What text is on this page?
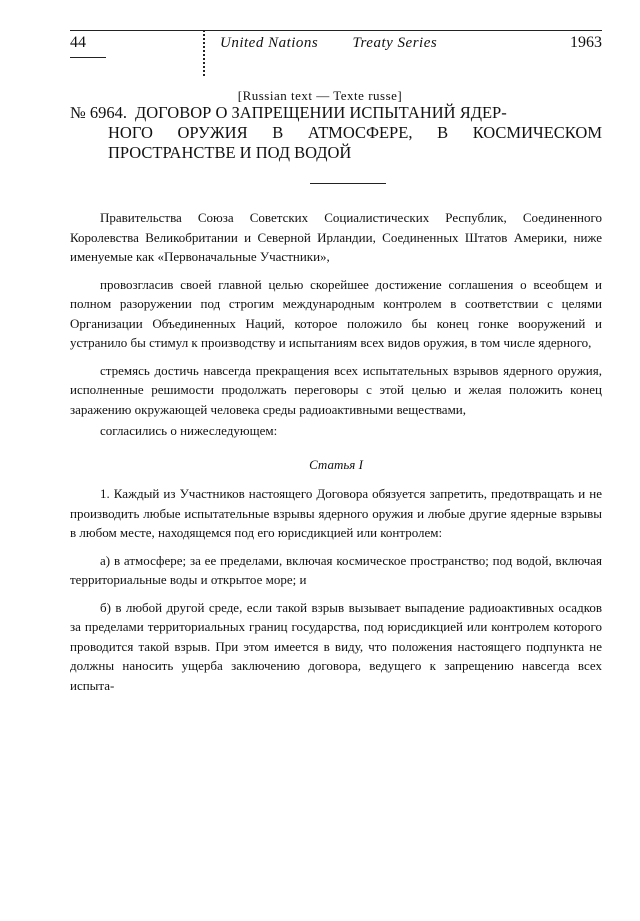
44	United Nations Treaty Series	1963
[Russian text — Texte russe]
№ 6964. ДОГОВОР О ЗАПРЕЩЕНИИ ИСПЫТАНИЙ ЯДЕР-
НОГО ОРУЖИЯ В АТМОСФЕРЕ, В КОСМИЧЕСКОМ ПРОСТРАНСТВЕ И ПОД ВОДОЙ

Правительства Союза Советских Социалистических Республик, Соединенного Королевства Великобритании и Северной Ирландии, Соединенных Штатов Америки, ниже именуемые как «Первоначальные Участники»,

провозгласив своей главной целью скорейшее достижение соглашения о всеобщем и полном разоружении под строгим международным контролем в соответствии с целями Организации Объединенных Наций, которое положило бы конец гонке вооружений и устранило бы стимул к производству и испытаниям всех видов оружия, в том числе ядерного,

стремясь достичь навсегда прекращения всех испытательных взрывов ядерного оружия, исполненные решимости продолжать переговоры с этой целью и желая положить конец заражению окружающей человека среды радиоактивными веществами,

согласились о нижеследующем:

Статья I

1. Каждый из Участников настоящего Договора обязуется запретить, предотвращать и не производить любые испытательные взрывы ядерного оружия и любые другие ядерные взрывы в любом месте, находящемся под его юрисдикцией или контролем:

а) в атмосфере; за ее пределами, включая космическое пространство; под водой, включая территориальные воды и открытое море; и

б) в любой другой среде, если такой взрыв вызывает выпадение радиоактивных осадков за пределами территориальных границ государства, под юрисдикцией или контролем которого проводится такой взрыв. При этом имеется в виду, что положения настоящего подпункта не должны наносить ущерба заключению договора, ведущего к запрещению навсегда всех испыта-
